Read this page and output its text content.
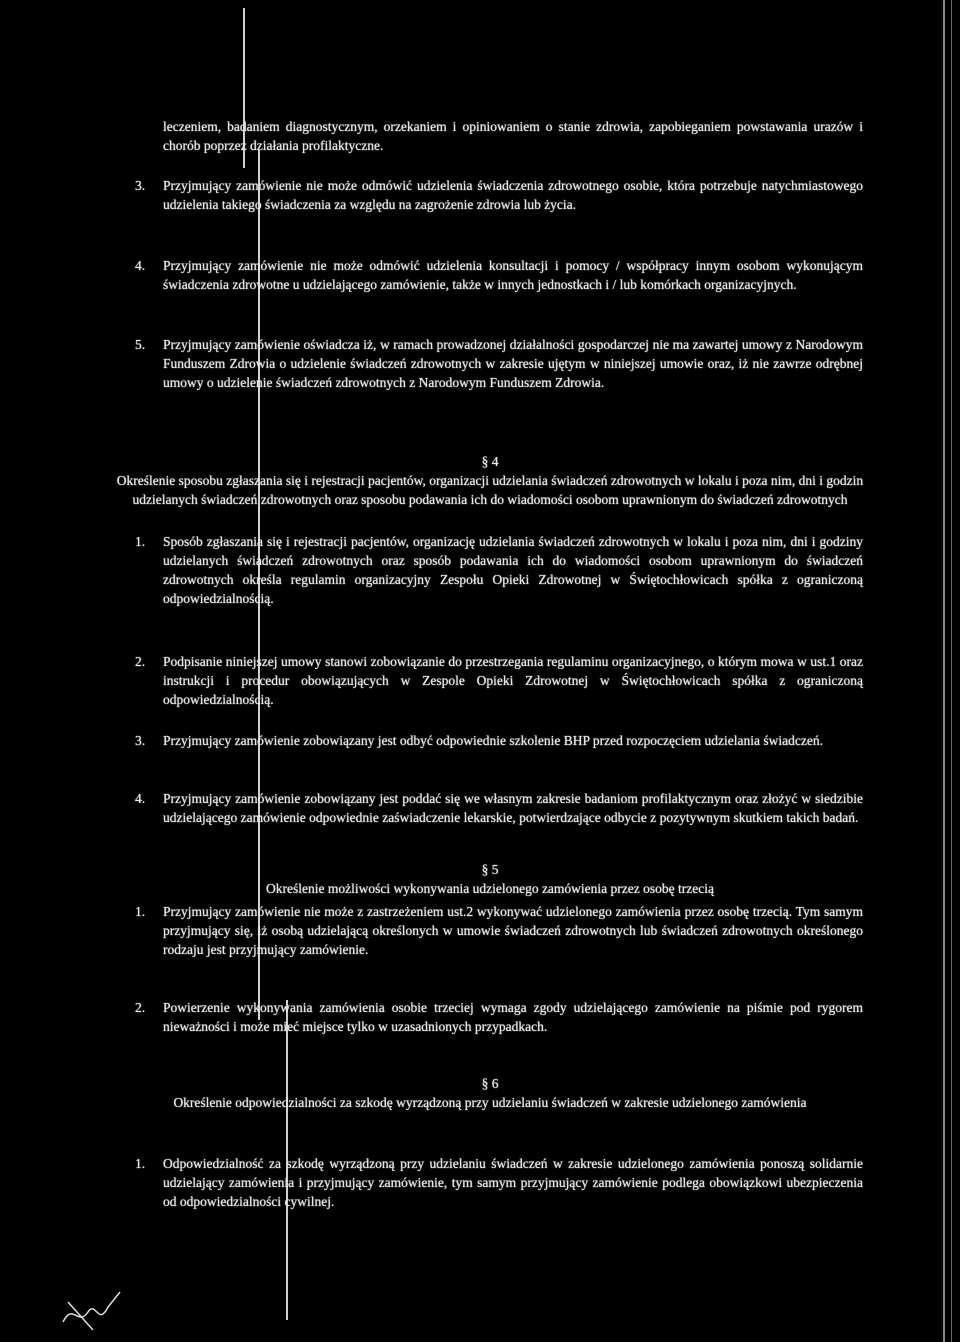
leczeniem, badaniem diagnostycznym, orzekaniem i opiniowaniem o stanie zdrowia, zapobieganiem powstawania urazów i chorób poprzez działania profilaktyczne.
3. Przyjmujący zamówienie nie może odmówić udzielenia świadczenia zdrowotnego osobie, która potrzebuje natychmiastowego udzielenia takiego świadczenia za względu na zagrożenie zdrowia lub życia.
4. Przyjmujący zamówienie nie może odmówić udzielenia konsultacji i pomocy / współpracy innym osobom wykonującym świadczenia zdrowotne u udzielającego zamówienie, także w innych jednostkach i / lub komórkach organizacyjnych.
5. Przyjmujący zamówienie oświadcza iż, w ramach prowadzonej działalności gospodarczej nie ma zawartej umowy z Narodowym Funduszem Zdrowia o udzielenie świadczeń zdrowotnych w zakresie ujętym w niniejszej umowie oraz, iż nie zawrze odrębnej umowy o udzielenie świadczeń zdrowotnych z Narodowym Funduszem Zdrowia.
§ 4
Określenie sposobu zgłaszania się i rejestracji pacjentów, organizacji udzielania świadczeń zdrowotnych w lokalu i poza nim, dni i godzin udzielanych świadczeń zdrowotnych oraz sposobu podawania ich do wiadomości osobom uprawnionym do świadczeń zdrowotnych
1. Sposób zgłaszania się i rejestracji pacjentów, organizację udzielania świadczeń zdrowotnych w lokalu i poza nim, dni i godziny udzielanych świadczeń zdrowotnych oraz sposób podawania ich do wiadomości osobom uprawnionym do świadczeń zdrowotnych określa regulamin organizacyjny Zespołu Opieki Zdrowotnej w Świętochłowicach spółka z ograniczoną odpowiedzialnością.
2. Podpisanie niniejszej umowy stanowi zobowiązanie do przestrzegania regulaminu organizacyjnego, o którym mowa w ust.1 oraz instrukcji i procedur obowiązujących w Zespole Opieki Zdrowotnej w Świętochłowicach spółka z ograniczoną odpowiedzialnością.
3. Przyjmujący zamówienie zobowiązany jest odbyć odpowiednie szkolenie BHP przed rozpoczęciem udzielania świadczeń.
4. Przyjmujący zamówienie zobowiązany jest poddać się we własnym zakresie badaniom profilaktycznym oraz złożyć w siedzibie udzielającego zamówienie odpowiednie zaświadczenie lekarskie, potwierdzające odbycie z pozytywnym skutkiem takich badań.
§ 5
Określenie możliwości wykonywania udzielonego zamówienia przez osobę trzecią
1. Przyjmujący zamówienie nie może z zastrzeżeniem ust.2 wykonywać udzielonego zamówienia przez osobę trzecią. Tym samym przyjmujący się, iż osobą udzielającą określonych w umowie świadczeń zdrowotnych lub świadczeń zdrowotnych określonego rodzaju jest przyjmujący zamówienie.
2. Powierzenie wykonywania zamówienia osobie trzeciej wymaga zgody udzielającego zamówienie na piśmie pod rygorem nieważności i może mieć miejsce tylko w uzasadnionych przypadkach.
§ 6
Określenie odpowiedzialności za szkodę wyrządzoną przy udzielaniu świadczeń w zakresie udzielonego zamówienia
1. Odpowiedzialność za szkodę wyrządzoną przy udzielaniu świadczeń w zakresie udzielonego zamówienia ponoszą solidarnie udzielający zamówienia i przyjmujący zamówienie, tym samym przyjmujący zamówienie podlega obowiązkowi ubezpieczenia od odpowiedzialności cywilnej.
